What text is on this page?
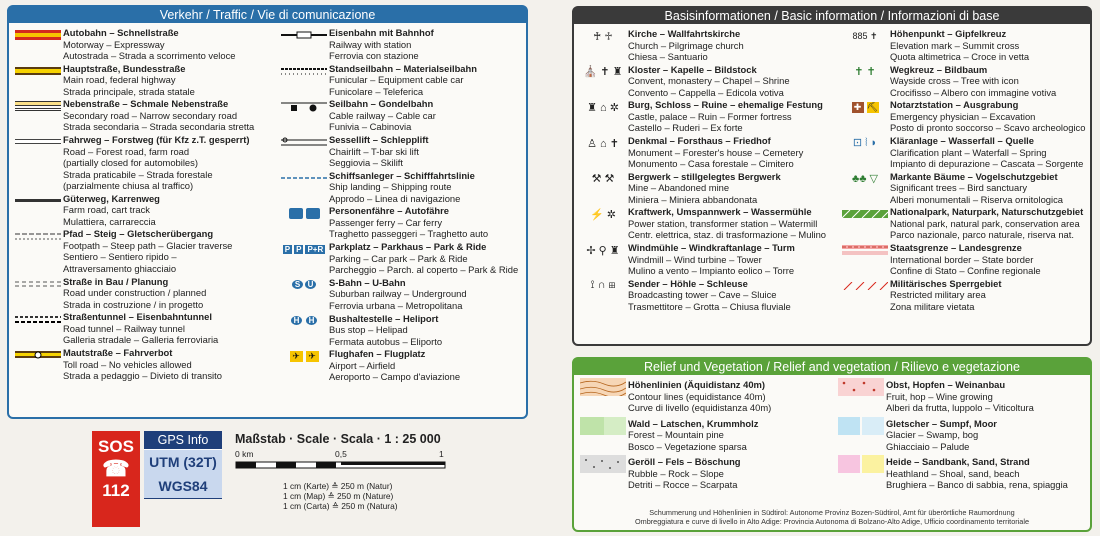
Verkehr / Traffic / Vie di comunicazione
Autobahn – Schnellstraße
Motorway – Expressway
Autostrada – Strada a scorrimento veloce
Hauptstraße, Bundesstraße
Main road, federal highway
Strada principale, strada statale
Nebenstraße – Schmale Nebenstraße
Secondary road – Narrow secondary road
Strada secondaria – Strada secondaria stretta
Fahrweg – Forstweg (für Kfz z.T. gesperrt)
Road – Forest road, farm road
(partially closed for automobiles)
Strada praticabile – Strada forestale
(parzialmente chiusa al traffico)
Güterweg, Karrenweg
Farm road, cart track
Mulattiera, carrareccia
Pfad – Steig – Gletscherübergang
Footpath – Steep path – Glacier traverse
Sentiero – Sentiero ripido –
Attraversamento ghiacciaio
Straße in Bau / Planung
Road under construction / planned
Strada in costruzione / in progetto
Straßentunnel – Eisenbahntunnel
Road tunnel – Railway tunnel
Galleria stradale – Galleria ferroviaria
Mautstraße – Fahrverbot
Toll road – No vehicles allowed
Strada a pedaggio – Divieto di transito
Eisenbahn mit Bahnhof
Railway with station
Ferrovia con stazione
Standseilbahn – Materialseilbahn
Funicular – Equipment cable car
Funicolare – Teleferica
Seilbahn – Gondelbahn
Cable railway – Cable car
Funivia – Cabinovia
Sessellift – Schlepplift
Chairlift – T-bar ski lift
Seggiovia – Skilift
Schiffsanleger – Schifffahrtslinie
Ship landing – Shipping route
Approdo – Linea di navigazione
Personenfähre – Autofähre
Passenger ferry – Car ferry
Traghetto passeggeri – Traghetto auto
P P P+R Parkplatz – Parkhaus – Park & Ride
Parking – Car park – Park & Ride
Parcheggio – Parch. al coperto – Park & Ride
S U S-Bahn – U-Bahn
Suburban railway – Underground
Ferrovia urbana – Metropolitana
H	H Bushaltestelle – Heliport
Bus stop – Helipad
Fermata autobus – Eliporto
✈ ✈ Flughafen – Flugplatz
Airport – Airfield
Aeroporto – Campo d'aviazione
Basisinformationen / Basic information / Informazioni di base
♰ ♱ Kirche – Wallfahrtskirche
Church – Pilgrimage church
Chiesa – Santuario
⛪ ✝ ♜ Kloster – Kapelle – Bildstock
Convent, monastery – Chapel – Shrine
Convento – Cappella – Edicola votiva
♜ ⌂ ✲ Burg, Schloss – Ruine – ehemalige Festung
Castle, palace – Ruin – Former fortress
Castello – Ruderi – Ex forte
♙ ⌂ ✝ Denkmal – Forsthaus – Friedhof
Monument – Forester's house – Cemetery
Monumento – Casa forestale – Cimitero
⚒ ⚒ Bergwerk – stillgelegtes Bergwerk
Mine – Abandoned mine
Miniera – Miniera abbandonata
⚡ ✲ Kraftwerk, Umspannwerk – Wassermühle
Power station, transformer station – Watermill
Centr. elettrica, staz. di trasformazione – Mulino
✢ ⚲ ♜ Windmühle – Windkraftanlage – Turm
Windmill – Wind turbine – Tower
Mulino a vento – Impianto eolico – Torre
⟟ ∩ ⊞ Sender – Höhle – Schleuse
Broadcasting tower – Cave – Sluice
Trasmettitore – Grotta – Chiusa fluviale
885 ✝ Höhenpunkt – Gipfelkreuz
Elevation mark – Summit cross
Quota altimetrica – Croce in vetta
✝ ✝ Wegkreuz – Bildbaum
Wayside cross – Tree with icon
Crocifisso – Albero con immagine votiva
✚ ⛏ Notarztstation – Ausgrabung
Emergency physician – Excavation
Posto di pronto soccorso – Scavo archeologico
⊡ ⦚ ◗ Kläranlage – Wasserfall – Quelle
Clarification plant – Waterfall – Spring
Impianto di depurazione – Cascata – Sorgente
♣♣ ▽ Markante Bäume – Vogelschutzgebiet
Significant trees – Bird sanctuary
Alberi monumentali – Riserva ornitologica
Nationalpark, Naturpark, Naturschutzgebiet
National park, natural park, conservation area
Parco nazionale, parco naturale, riserva nat.
Staatsgrenze – Landesgrenze
International border – State border
Confine di Stato – Confine regionale
Militärisches Sperrgebiet
Restricted military area
Zona militare vietata
Relief und Vegetation / Relief and vegetation / Rilievo e vegetazione
Höhenlinien (Äquidistanz 40m)
Contour lines (equidistance 40m)
Curve di livello (equidistanza 40m)
Wald – Latschen, Krummholz
Forest – Mountain pine
Bosco – Vegetazione sparsa
Geröll – Fels – Böschung
Rubble – Rock – Slope
Detriti – Rocce – Scarpata
Obst, Hopfen – Weinanbau
Fruit, hop – Wine growing
Alberi da frutta, luppolo – Viticoltura
Gletscher – Sumpf, Moor
Glacier – Swamp, bog
Ghiacciaio – Palude
Heide – Sandbank, Sand, Strand
Heathland – Shoal, sand, beach
Brughiera – Banco di sabbia, rena, spiaggia
Schummerung und Höhenlinien in Südtirol: Autonome Provinz Bozen-Südtirol, Amt für überörtliche Raumordnung
Ombreggiatura e curve di livello in Alto Adige: Provincia Autonoma di Bolzano-Alto Adige, Ufficio coordinamento territoriale
SOS
☎
112
GPS Info
UTM (32T)
WGS84
Maßstab · Scale · Scala · 1 : 25 000
0 km	0,5	1
1 cm (Karte) ≙ 250 m (Natur)
1 cm (Map) ≙ 250 m (Nature)
1 cm (Carta) ≙ 250 m (Natura)
